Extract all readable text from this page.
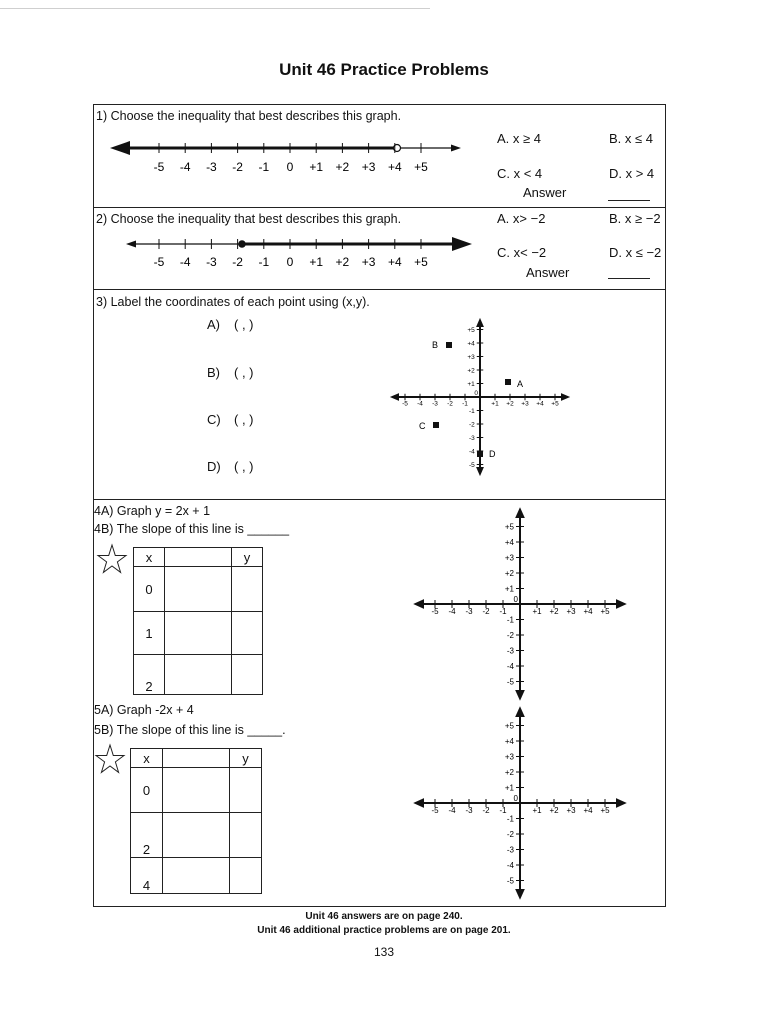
Unit 46 Practice Problems
1) Choose the inequality that best describes this graph.
-5 -4 -3 -2 -1 0 +1 +2 +3 +4 +5
A. x ≥ 4	B. x ≤ 4
C. x < 4	D. x > 4
Answer
2) Choose the inequality that best describes this graph.
-5 -4 -3 -2 -1 0 +1 +2 +3 +4 +5
A. x> −2	B. x ≥ −2
C. x< −2	D. x ≤ −2
Answer
3) Label the coordinates of each point using (x,y).
A) ( , )
B) ( , )
C) ( , )
D) ( , )
-5 -4 -3 -2 -1	+1 +2 +3 +4 +5
+5
+4
+3
+2
+1
-1
-2
-3
-4
-5
0
A
B
C
D
4A) Graph y = 2x + 1
4B) The slope of this line is ______
x		y
0		
1		
2		
-5 -4 -3 -2 -1	+1 +2 +3 +4 +5
+5
+4
+3
+2
+1
-1
-2
-3
-4
-5
0
5A) Graph -2x + 4
5B) The slope of this line is _____.
x		y
0		
2		
4		
-5 -4 -3 -2 -1	+1 +2 +3 +4 +5
+5
+4
+3
+2
+1
-1
-2
-3
-4
-5
0
Unit 46 answers are on page 240.
Unit 46 additional practice problems are on page 201.
133
